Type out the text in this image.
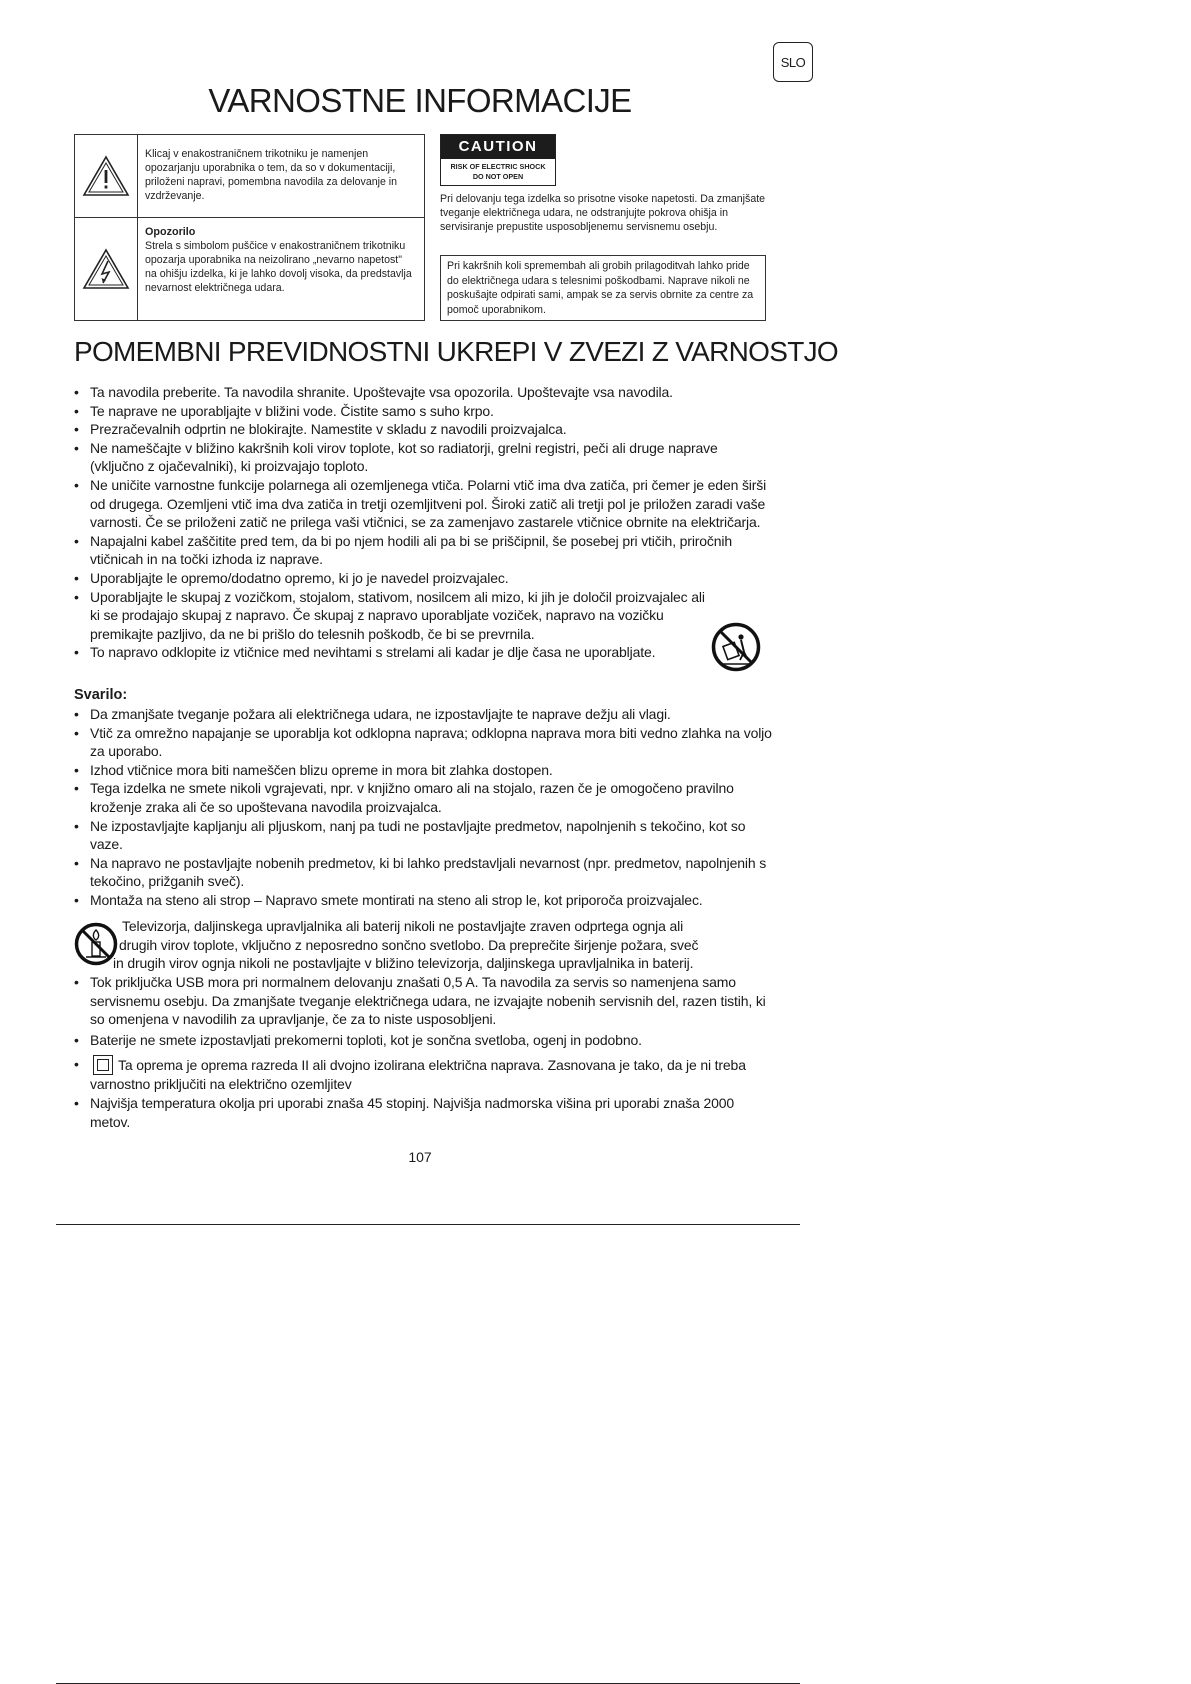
SLO
VARNOSTNE INFORMACIJE
Klicaj v enakostraničnem trikotniku je namenjen opozarjanju uporabnika o tem, da so v dokumentaciji, priloženi napravi, pomembna navodila za delovanje in vzdrževanje.
Opozorilo
Strela s simbolom puščice v enakostraničnem trikotniku opozarja uporabnika na neizolirano „nevarno napetost" na ohišju izdelka, ki je lahko dovolj visoka, da predstavlja nevarnost električnega udara.
CAUTION
RISK OF ELECTRIC SHOCK
DO NOT OPEN
Pri delovanju tega izdelka so prisotne visoke napetosti. Da zmanjšate tveganje električnega udara, ne odstranjujte pokrova ohišja in servisiranje prepustite usposobljenemu servisnemu osebju.
Pri kakršnih koli spremembah ali grobih prilagoditvah lahko pride do električnega udara s telesnimi poškodbami. Naprave nikoli ne poskušajte odpirati sami, ampak se za servis obrnite za centre za pomoč uporabnikom.
POMEMBNI PREVIDNOSTNI UKREPI V ZVEZI Z VARNOSTJO
• Ta navodila preberite. Ta navodila shranite. Upoštevajte vsa opozorila. Upoštevajte vsa navodila.
• Te naprave ne uporabljajte v bližini vode. Čistite samo s suho krpo.
• Prezračevalnih odprtin ne blokirajte. Namestite v skladu z navodili proizvajalca.
• Ne nameščajte v bližino kakršnih koli virov toplote, kot so radiatorji, grelni registri, peči ali druge naprave (vključno z ojačevalniki), ki proizvajajo toploto.
• Ne uničite varnostne funkcije polarnega ali ozemljenega vtiča. Polarni vtič ima dva zatiča, pri čemer je eden širši od drugega. Ozemljeni vtič ima dva zatiča in tretji ozemljitveni pol. Široki zatič ali tretji pol je priložen zaradi vaše varnosti. Če se priloženi zatič ne prilega vaši vtičnici, se za zamenjavo zastarele vtičnice obrnite na električarja.
• Napajalni kabel zaščitite pred tem, da bi po njem hodili ali pa bi se priščipnil, še posebej pri vtičih, priročnih vtičnicah in na točki izhoda iz naprave.
• Uporabljajte le opremo/dodatno opremo, ki jo je navedel proizvajalec.
• Uporabljajte le skupaj z vozičkom, stojalom, stativom, nosilcem ali mizo, ki jih je določil proizvajalec ali ki se prodajajo skupaj z napravo. Če skupaj z napravo uporabljate voziček, napravo na vozičku premikajte pazljivo, da ne bi prišlo do telesnih poškodb, če bi se prevrnila.
• To napravo odklopite iz vtičnice med nevihtami s strelami ali kadar je dlje časa ne uporabljate.
Svarilo:
• Da zmanjšate tveganje požara ali električnega udara, ne izpostavljajte te naprave dežju ali vlagi.
• Vtič za omrežno napajanje se uporablja kot odklopna naprava; odklopna naprava mora biti vedno zlahka na voljo za uporabo.
• Izhod vtičnice mora biti nameščen blizu opreme in mora bit zlahka dostopen.
• Tega izdelka ne smete nikoli vgrajevati, npr. v knjižno omaro ali na stojalo, razen če je omogočeno pravilno kroženje zraka ali če so upoštevana navodila proizvajalca.
• Ne izpostavljajte kapljanju ali pljuskom, nanj pa tudi ne postavljajte predmetov, napolnjenih s tekočino, kot so vaze.
• Na napravo ne postavljajte nobenih predmetov, ki bi lahko predstavljali nevarnost (npr. predmetov, napolnjenih s tekočino, prižganih sveč).
• Montaža na steno ali strop – Napravo smete montirati na steno ali strop le, kot priporoča proizvajalec.
Televizorja, daljinskega upravljalnika ali baterij nikoli ne postavljajte zraven odprtega ognja ali
drugih virov toplote, vključno z neposredno sončno svetlobo. Da preprečite širjenje požara, sveč
in drugih virov ognja nikoli ne postavljajte v bližino televizorja, daljinskega upravljalnika in baterij.
• Tok priključka USB mora pri normalnem delovanju znašati 0,5 A. Ta navodila za servis so namenjena samo servisnemu osebju. Da zmanjšate tveganje električnega udara, ne izvajajte nobenih servisnih del, razen tistih, ki so omenjena v navodilih za upravljanje, če za to niste usposobljeni.
• Baterije ne smete izpostavljati prekomerni toploti, kot je sončna svetloba, ogenj in podobno.
• Ta oprema je oprema razreda II ali dvojno izolirana električna naprava. Zasnovana je tako, da je ni treba varnostno priključiti na električno ozemljitev
• Najvišja temperatura okolja pri uporabi znaša 45 stopinj. Najvišja nadmorska višina pri uporabi znaša 2000 metov.
107
